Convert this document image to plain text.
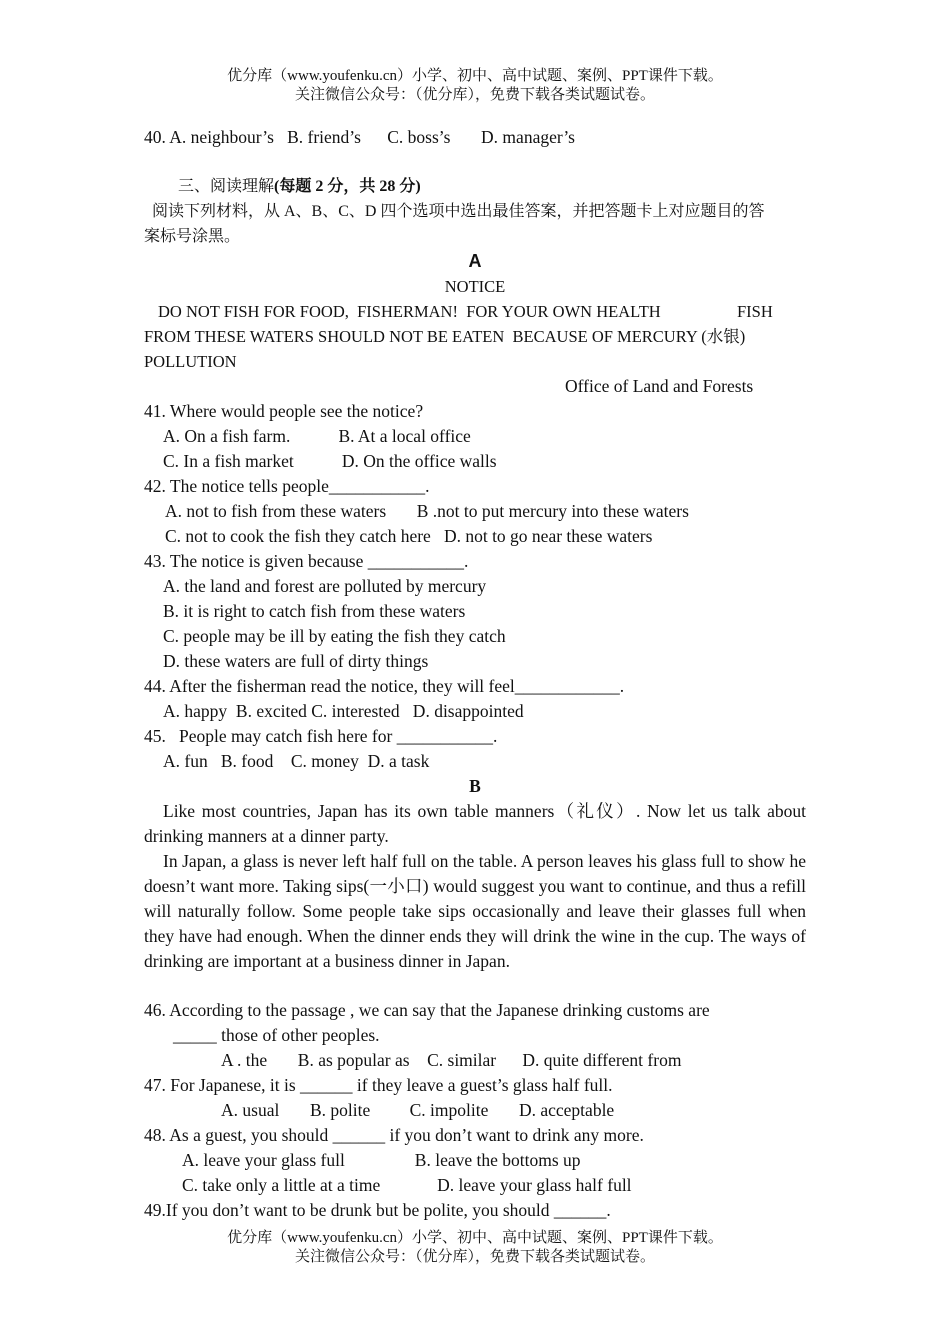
优分库（www.youfenku.cn）小学、初中、高中试题、案例、PPT课件下载。
关注微信公众号：（优分库），免费下载各类试题试卷。
40. A. neighbour’s   B. friend’s      C. boss’s       D. manager’s
三、阅读理解(每题 2 分，共 28 分)
阅读下列材料，从 A、B、C、D 四个选项中选出最佳答案，并把答题卡上对应题目的答
案标号涂黑。
A
NOTICE
DO NOT FISH FOR FOOD,  FISHERMAN!  FOR YOUR OWN HEALTH	FISH
FROM THESE WATERS SHOULD NOT BE EATEN  BECAUSE OF MERCURY (水银)
POLLUTION
Office of Land and Forests
41. Where would people see the notice?
A. On a fish farm.           B. At a local office
C. In a fish market           D. On the office walls
42. The notice tells people___________.
A. not to fish from these waters       B .not to put mercury into these waters
C. not to cook the fish they catch here   D. not to go near these waters
43. The notice is given because ___________.
A. the land and forest are polluted by mercury
B. it is right to catch fish from these waters
C. people may be ill by eating the fish they catch
D. these waters are full of dirty things
44. After the fisherman read the notice, they will feel____________.
A. happy  B. excited C. interested   D. disappointed
45.   People may catch fish here for ___________.
A. fun   B. food    C. money  D. a task
B
Like most countries, Japan has its own table manners（礼仪）. Now let us talk about drinking manners at a dinner party.
In Japan, a glass is never left half full on the table. A person leaves his glass full to show he doesn’t want more. Taking sips(一小口) would suggest you want to continue, and thus a refill will naturally follow. Some people take sips occasionally and leave their glasses full when they have had enough. When the dinner ends they will drink the wine in the cup. The ways of drinking are important at a business dinner in Japan.
46. According to the passage , we can say that the Japanese drinking customs are
_____ those of other peoples.
A . the       B. as popular as    C. similar      D. quite different from
47. For Japanese, it is ______ if they leave a guest’s glass half full.
A. usual       B. polite         C. impolite       D. acceptable
48. As a guest, you should ______ if you don’t want to drink any more.
A. leave your glass full                B. leave the bottoms up
C. take only a little at a time             D. leave your glass half full
49.If you don’t want to be drunk but be polite, you should ______.
优分库（www.youfenku.cn）小学、初中、高中试题、案例、PPT课件下载。
关注微信公众号：（优分库），免费下载各类试题试卷。
